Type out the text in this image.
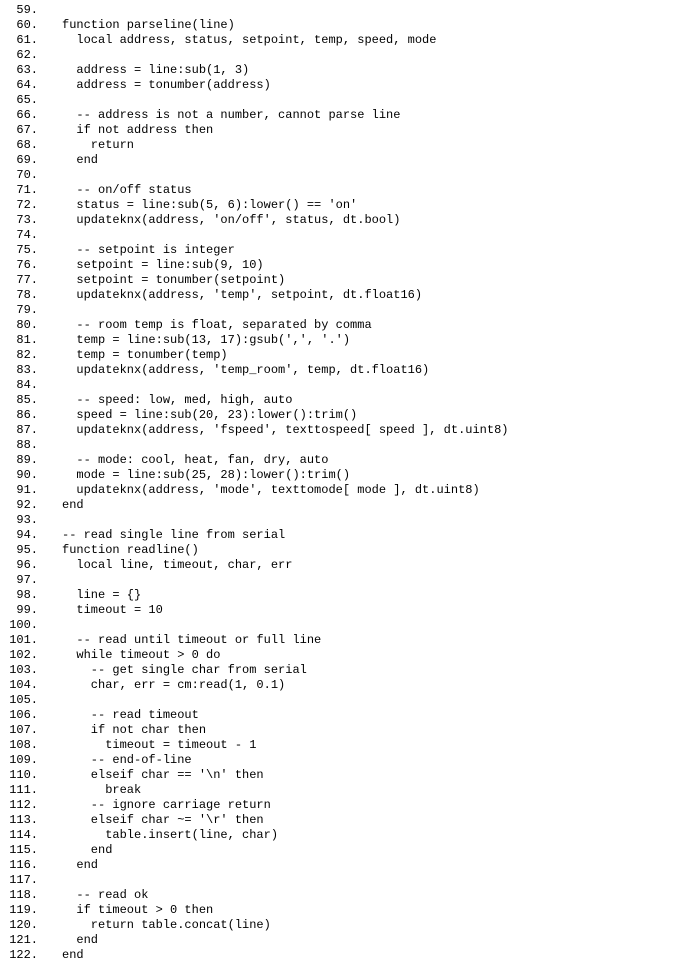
59.
60. function parseline(line)
61. local address, status, setpoint, temp, speed, mode
62.
63. address = line:sub(1, 3)
64. address = tonumber(address)
65.
66. -- address is not a number, cannot parse line
67. if not address then
68. return
69. end
70.
71. -- on/off status
72. status = line:sub(5, 6):lower() == 'on'
73. updateknx(address, 'on/off', status, dt.bool)
74.
75. -- setpoint is integer
76. setpoint = line:sub(9, 10)
77. setpoint = tonumber(setpoint)
78. updateknx(address, 'temp', setpoint, dt.float16)
79.
80. -- room temp is float, separated by comma
81. temp = line:sub(13, 17):gsub(',', '.')
82. temp = tonumber(temp)
83. updateknx(address, 'temp_room', temp, dt.float16)
84.
85. -- speed: low, med, high, auto
86. speed = line:sub(20, 23):lower():trim()
87. updateknx(address, 'fspeed', texttospeed[ speed ], dt.uint8)
88.
89. -- mode: cool, heat, fan, dry, auto
90. mode = line:sub(25, 28):lower():trim()
91. updateknx(address, 'mode', texttomode[ mode ], dt.uint8)
92. end
93.
94. -- read single line from serial
95. function readline()
96. local line, timeout, char, err
97.
98. line = {}
99. timeout = 10
100.
101. -- read until timeout or full line
102. while timeout > 0 do
103. -- get single char from serial
104. char, err = cm:read(1, 0.1)
105.
106. -- read timeout
107. if not char then
108. timeout = timeout - 1
109. -- end-of-line
110. elseif char == '\n' then
111. break
112. -- ignore carriage return
113. elseif char ~= '\r' then
114. table.insert(line, char)
115. end
116. end
117.
118. -- read ok
119. if timeout > 0 then
120. return table.concat(line)
121. end
122. end
